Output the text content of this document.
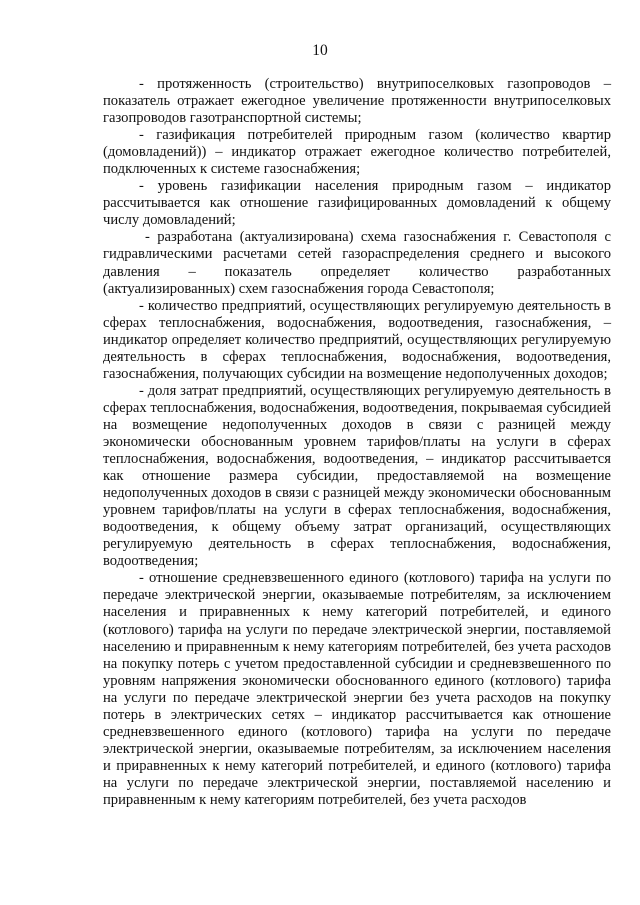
10

- протяженность (строительство) внутрипоселковых газопроводов – показатель отражает ежегодное увеличение протяженности внутрипоселковых газопроводов газотранспортной системы;

- газификация потребителей природным газом (количество квартир (домовладений)) – индикатор отражает ежегодное количество потребителей, подключенных к системе газоснабжения;

- уровень газификации населения природным газом – индикатор рассчитывается как отношение газифицированных домовладений к общему числу домовладений;

- разработана (актуализирована) схема газоснабжения г. Севастополя с гидравлическими расчетами сетей газораспределения среднего и высокого давления – показатель определяет количество разработанных (актуализированных) схем газоснабжения города Севастополя;

- количество предприятий, осуществляющих регулируемую деятельность в сферах теплоснабжения, водоснабжения, водоотведения, газоснабжения, – индикатор определяет количество предприятий, осуществляющих регулируемую деятельность в сферах теплоснабжения, водоснабжения, водоотведения, газоснабжения, получающих субсидии на возмещение недополученных доходов;

- доля затрат предприятий, осуществляющих регулируемую деятельность в сферах теплоснабжения, водоснабжения, водоотведения, покрываемая субсидией на возмещение недополученных доходов в связи с разницей между экономически обоснованным уровнем тарифов/платы на услуги в сферах теплоснабжения, водоснабжения, водоотведения, – индикатор рассчитывается как отношение размера субсидии, предоставляемой на возмещение недополученных доходов в связи с разницей между экономически обоснованным уровнем тарифов/платы на услуги в сферах теплоснабжения, водоснабжения, водоотведения, к общему объему затрат организаций, осуществляющих регулируемую деятельность в сферах теплоснабжения, водоснабжения, водоотведения;

- отношение средневзвешенного единого (котлового) тарифа на услуги по передаче электрической энергии, оказываемые потребителям, за исключением населения и приравненных к нему категорий потребителей, и единого (котлового) тарифа на услуги по передаче электрической энергии, поставляемой населению и приравненным к нему категориям потребителей, без учета расходов на покупку потерь с учетом предоставленной субсидии и средневзвешенного по уровням напряжения экономически обоснованного единого (котлового) тарифа на услуги по передаче электрической энергии без учета расходов на покупку потерь в электрических сетях – индикатор рассчитывается как отношение средневзвешенного единого (котлового) тарифа на услуги по передаче электрической энергии, оказываемые потребителям, за исключением населения и приравненных к нему категорий потребителей, и единого (котлового) тарифа на услуги по передаче электрической энергии, поставляемой населению и приравненным к нему категориям потребителей, без учета расходов
